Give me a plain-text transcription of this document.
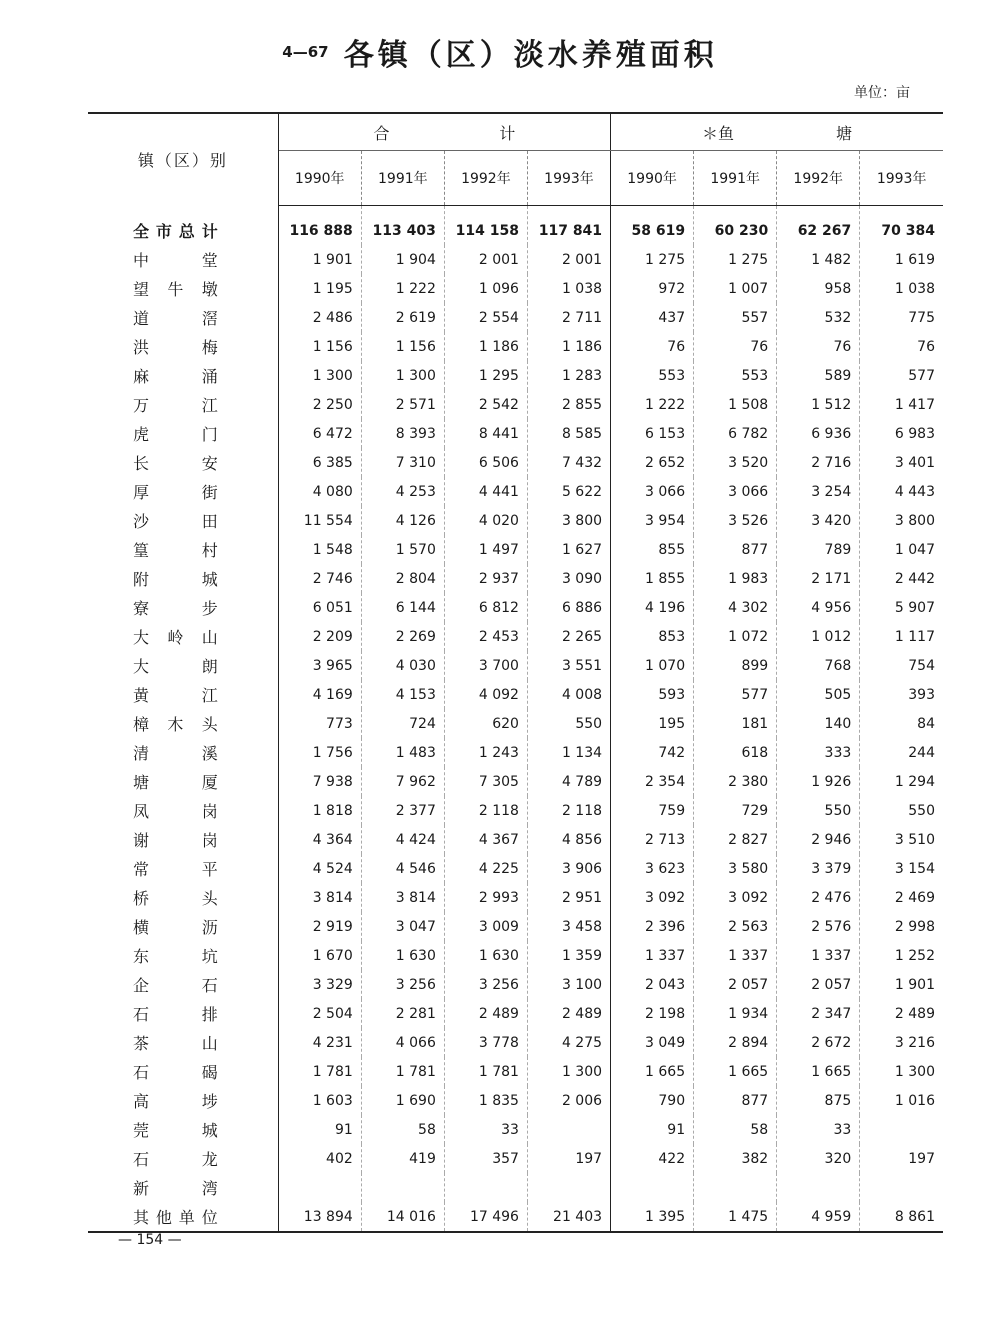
4—67 各镇（区）淡水养殖面积
单位：亩
镇（区）别	合 计				＊鱼 塘			

	1990年	1991年	1992年	1993年	1990年	1991年	1992年	1993年
全市总计	116 888	113 403	114 158	117 841	58 619	60 230	62 267	70 384
中堂	1 901	1 904	2 001	2 001	1 275	1 275	1 482	1 619
望牛墩	1 195	1 222	1 096	1 038	972	1 007	958	1 038
道滘	2 486	2 619	2 554	2 711	437	557	532	775
洪梅	1 156	1 156	1 186	1 186	76	76	76	76
麻涌	1 300	1 300	1 295	1 283	553	553	589	577
万江	2 250	2 571	2 542	2 855	1 222	1 508	1 512	1 417
虎门	6 472	8 393	8 441	8 585	6 153	6 782	6 936	6 983
长安	6 385	7 310	6 506	7 432	2 652	3 520	2 716	3 401
厚街	4 080	4 253	4 441	5 622	3 066	3 066	3 254	4 443
沙田	11 554	4 126	4 020	3 800	3 954	3 526	3 420	3 800
篁村	1 548	1 570	1 497	1 627	855	877	789	1 047
附城	2 746	2 804	2 937	3 090	1 855	1 983	2 171	2 442
寮步	6 051	6 144	6 812	6 886	4 196	4 302	4 956	5 907
大岭山	2 209	2 269	2 453	2 265	853	1 072	1 012	1 117
大朗	3 965	4 030	3 700	3 551	1 070	899	768	754
黄江	4 169	4 153	4 092	4 008	593	577	505	393
樟木头	773	724	620	550	195	181	140	84
清溪	1 756	1 483	1 243	1 134	742	618	333	244
塘厦	7 938	7 962	7 305	4 789	2 354	2 380	1 926	1 294
凤岗	1 818	2 377	2 118	2 118	759	729	550	550
谢岗	4 364	4 424	4 367	4 856	2 713	2 827	2 946	3 510
常平	4 524	4 546	4 225	3 906	3 623	3 580	3 379	3 154
桥头	3 814	3 814	2 993	2 951	3 092	3 092	2 476	2 469
横沥	2 919	3 047	3 009	3 458	2 396	2 563	2 576	2 998
东坑	1 670	1 630	1 630	1 359	1 337	1 337	1 337	1 252
企石	3 329	3 256	3 256	3 100	2 043	2 057	2 057	1 901
石排	2 504	2 281	2 489	2 489	2 198	1 934	2 347	2 489
茶山	4 231	4 066	3 778	4 275	3 049	2 894	2 672	3 216
石碣	1 781	1 781	1 781	1 300	1 665	1 665	1 665	1 300
高埗	1 603	1 690	1 835	2 006	790	877	875	1 016
莞城	91	58	33		91	58	33	
石龙	402	419	357	197	422	382	320	197
新湾								
其他单位	13 894	14 016	17 496	21 403	1 395	1 475	4 959	8 861

— 154 —
